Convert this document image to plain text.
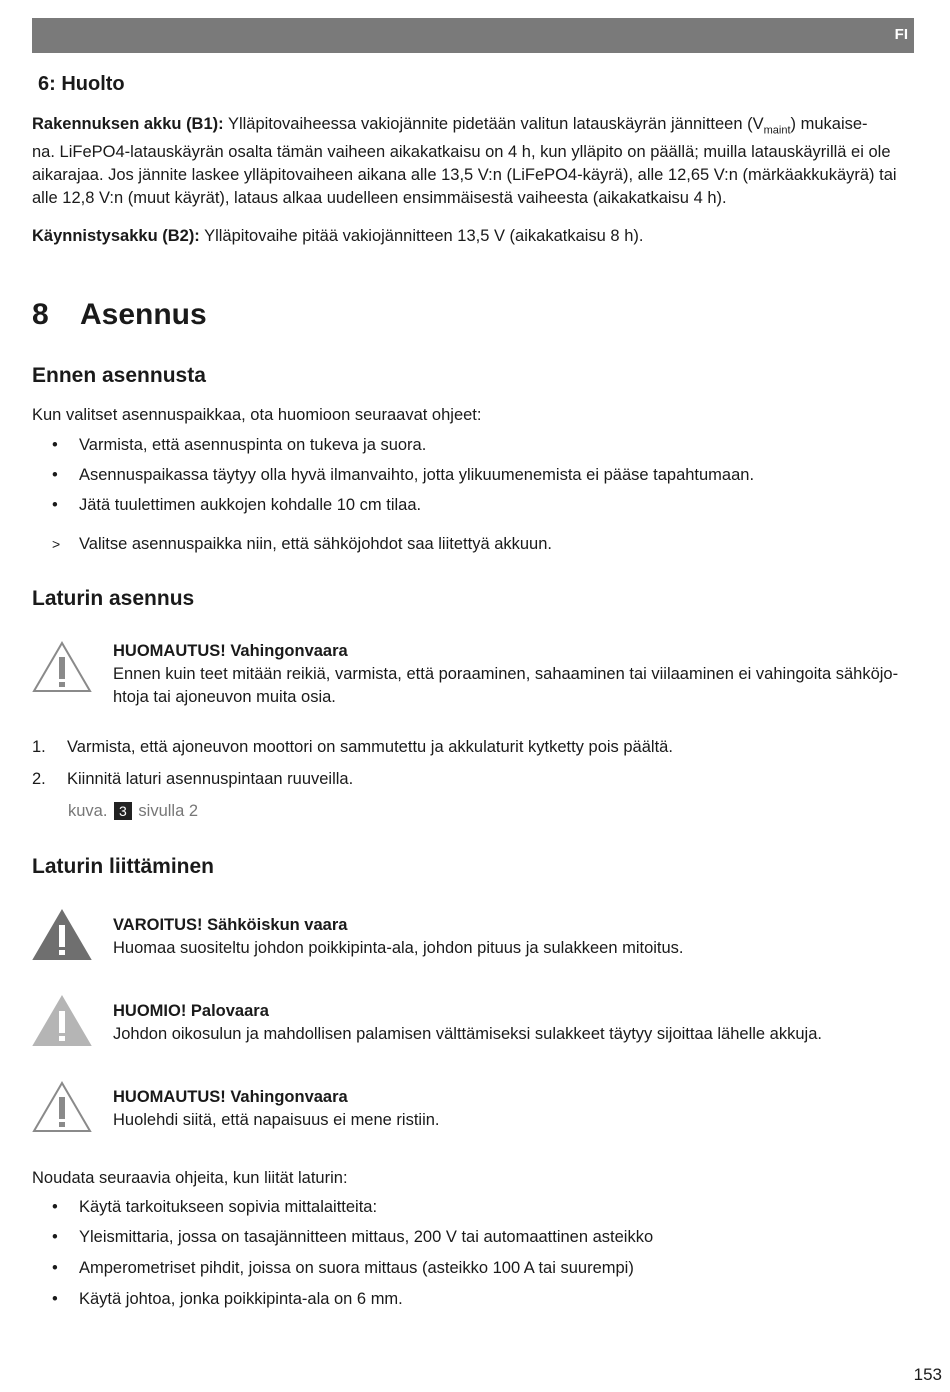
FI
6: Huolto
Rakennuksen akku (B1): Ylläpitovaiheessa vakiojännite pidetään valitun latauskäyrän jännitteen $(V_{maint})$ mukaise-
na. LiFePO4-latauskäyrän osalta tämän vaiheen aikakatkaisu on 4 h, kun ylläpito on päällä; muilla latauskäyrillä ei ole
aikarajaa. Jos jännite laskee ylläpitovaiheen aikana alle 13,5 V:n (LiFePO4-käyrä), alle 12,65 V:n (märkäakkukäyrä) tai
alle 12,8 V:n (muut käyrät), lataus alkaa uudelleen ensimmäisestä vaiheesta (aikakatkaisu 4 h).
Käynnistysakku (B2): Ylläpitovaihe pitää vakiojännitteen 13,5 V (aikakatkaisu 8 h).
8 Asennus
Ennen asennusta
Kun valitset asennuspaikkaa, ota huomioon seuraavat ohjeet:
• Varmista, että asennuspinta on tukeva ja suora.
• Asennuspaikassa täytyy olla hyvä ilmanvaihto, jotta ylikuumenemista ei pääse tapahtumaan.
• Jätä tuulettimen aukkojen kohdalle 10 cm tilaa.
> Valitse asennuspaikka niin, että sähköjohdot saa liitettyä akkuun.
Laturin asennus
HUOMAUTUS! Vahingonvaara
Ennen kuin teet mitään reikiä, varmista, että poraaminen, sahaaminen tai viilaaminen ei vahingoita sähköjo-
htoja tai ajoneuvon muita osia.
1. Varmista, että ajoneuvon moottori on sammutettu ja akkulaturit kytketty pois päältä.
2. Kiinnitä laturi asennuspintaan ruuveilla.
kuva. 3 sivulla 2
Laturin liittäminen
VAROITUS! Sähköiskun vaara
Huomaa suositeltu johdon poikkipinta-ala, johdon pituus ja sulakkeen mitoitus.
HUOMIO! Palovaara
Johdon oikosulun ja mahdollisen palamisen välttämiseksi sulakkeet täytyy sijoittaa lähelle akkuja.
HUOMAUTUS! Vahingonvaara
Huolehdi siitä, että napaisuus ei mene ristiin.
Noudata seuraavia ohjeita, kun liität laturin:
• Käytä tarkoitukseen sopivia mittalaitteita:
• Yleismittaria, jossa on tasajännitteen mittaus, 200 V tai automaattinen asteikko
• Amperometriset pihdit, joissa on suora mittaus (asteikko 100 A tai suurempi)
• Käytä johtoa, jonka poikkipinta-ala on 6 mm.
153
